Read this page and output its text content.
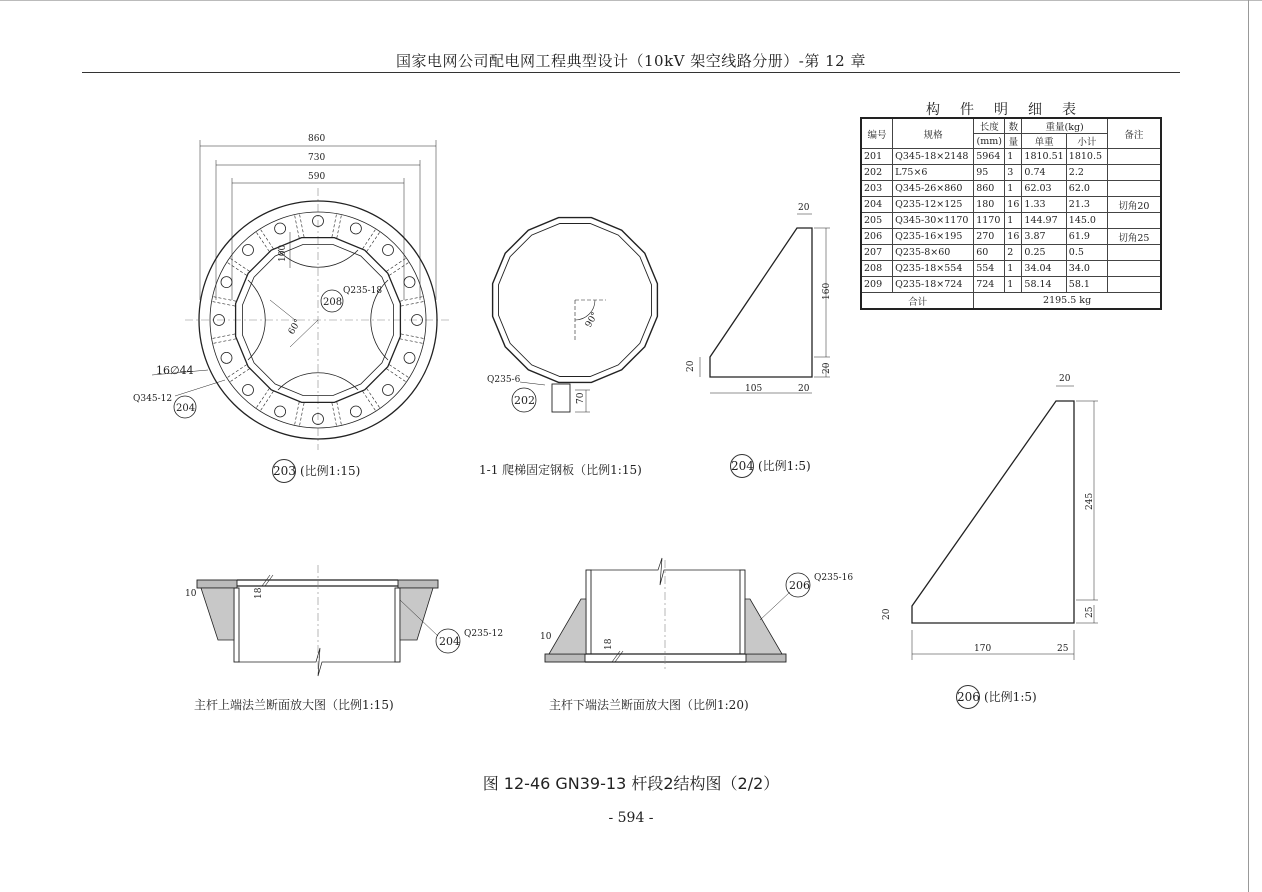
国家电网公司配电网工程典型设计（10kV 架空线路分册）-第 12 章
860
730
590
100
Q235-18
208
60°
16∅44
Q345-12
204
90°
Q235-6
202	70
20
160
20
105	20
20
20
245
20	25
170	25
10	18
Q235-12
204
Q235-16
206
10
18
203 (比例1:15)	1-1 爬梯固定钢板（比例1:15)	204 (比例1:5)
206 (比例1:5)
主杆上端法兰断面放大图（比例1:15)	主杆下端法兰断面放大图（比例1:20)
构件明细表
编号	规格	长度	数	重量(kg)		备注
		(mm)	量	单重	小计	
201	Q345-18×2148	5964	1	1810.51	1810.5	
202	L75×6	95	3	0.74	2.2	
203	Q345-26×860	860	1	62.03	62.0	
204	Q235-12×125	180	16	1.33	21.3	切角20
205	Q345-30×1170	1170	1	144.97	145.0	
206	Q235-16×195	270	16	3.87	61.9	切角25
207	Q235-8×60	60	2	0.25	0.5	
208	Q235-18×554	554	1	34.04	34.0	
209	Q235-18×724	724	1	58.14	58.1	
合计		2195.5 kg				
图 12-46 GN39-13 杆段2结构图（2/2）
- 594 -
